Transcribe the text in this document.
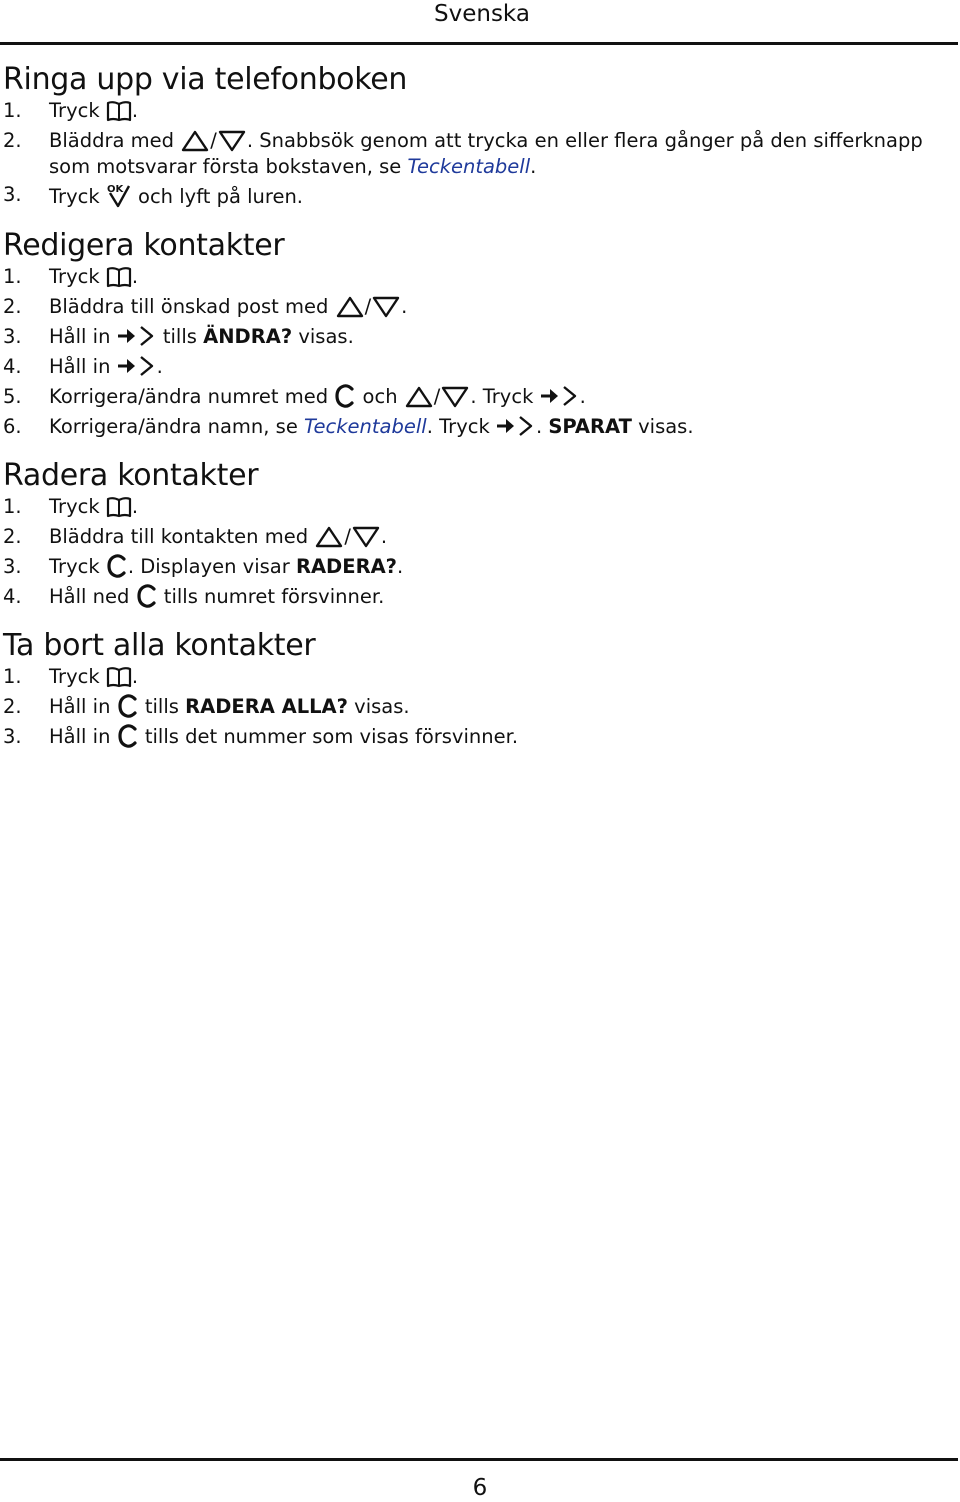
Svenska
Ringa upp via telefonboken
1.	Tryck .
2.	Bläddra med / . Snabbsök genom att trycka en eller flera gånger på den sifferknapp som motsvarar första bokstaven, se Teckentabell.
3.	Tryck och lyft på luren.
Redigera kontakter
1.	Tryck .
2.	Bläddra till önskad post med / .
3.	Håll in	tills ÄNDRA? visas.
4.	Håll in .
5.	Korrigera/ändra numret med och / . Tryck .
6.	Korrigera/ändra namn, se Teckentabell. Tryck . SPARAT visas.
Radera kontakter
1.	Tryck .
2.	Bläddra till kontakten med / .
3.	Tryck . Displayen visar RADERA?.
4.	Håll ned tills numret försvinner.
Ta bort alla kontakter
1.	Tryck .
2.	Håll in tills RADERA ALLA? visas.
3.	Håll in tills det nummer som visas försvinner.
6
